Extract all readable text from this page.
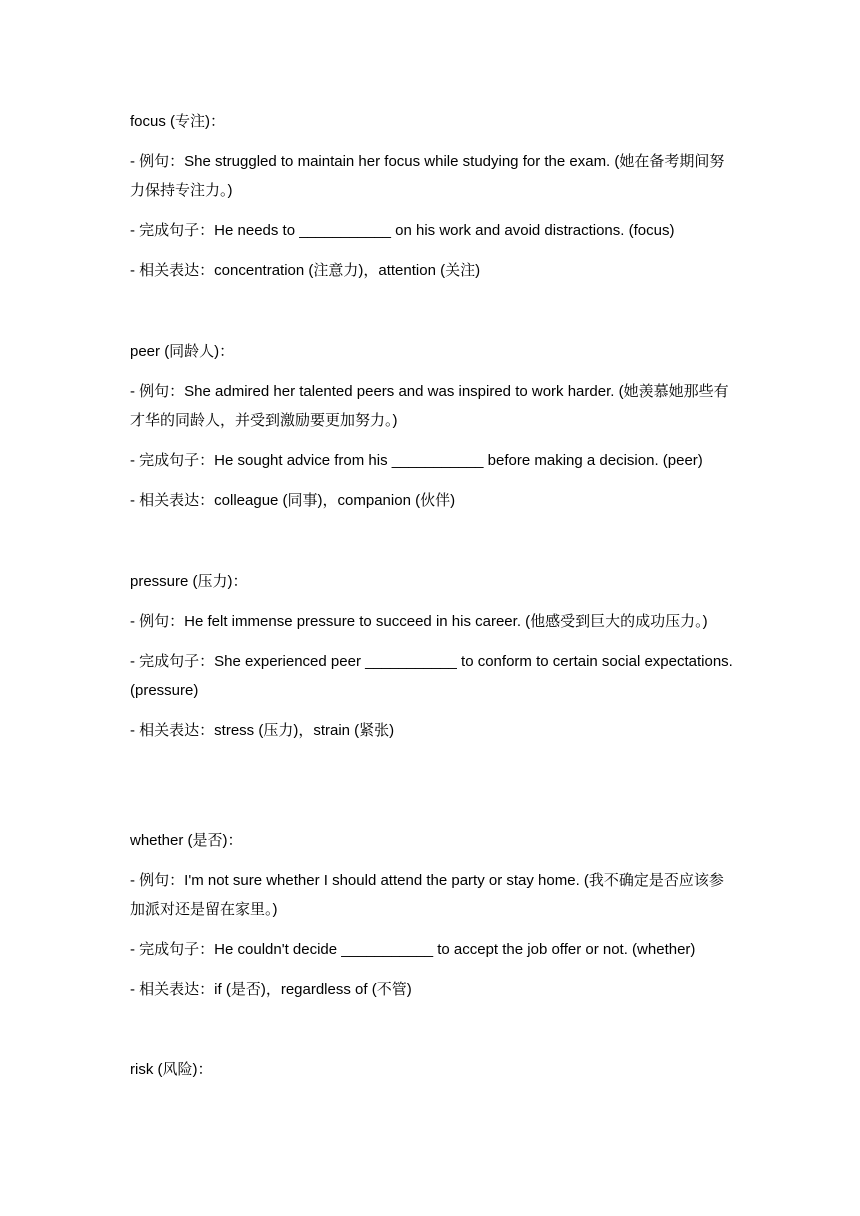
focus (专注)：
- 例句：She struggled to maintain her focus while studying for the exam. (她在备考期间努力保持专注力。)
- 完成句子：He needs to ___________ on his work and avoid distractions. (focus)
- 相关表达：concentration (注意力)，attention (关注)
peer (同龄人)：
- 例句：She admired her talented peers and was inspired to work harder. (她羡慕她那些有才华的同龄人，并受到激励要更加努力。)
- 完成句子：He sought advice from his ___________ before making a decision. (peer)
- 相关表达：colleague (同事)，companion (伙伴)
pressure (压力)：
- 例句：He felt immense pressure to succeed in his career. (他感受到巨大的成功压力。)
- 完成句子：She experienced peer ___________ to conform to certain social expectations. (pressure)
- 相关表达：stress (压力)，strain (紧张)
whether (是否)：
- 例句：I'm not sure whether I should attend the party or stay home. (我不确定是否应该参加派对还是留在家里。)
- 完成句子：He couldn't decide ___________ to accept the job offer or not. (whether)
- 相关表达：if (是否)，regardless of (不管)
risk (风险)：
